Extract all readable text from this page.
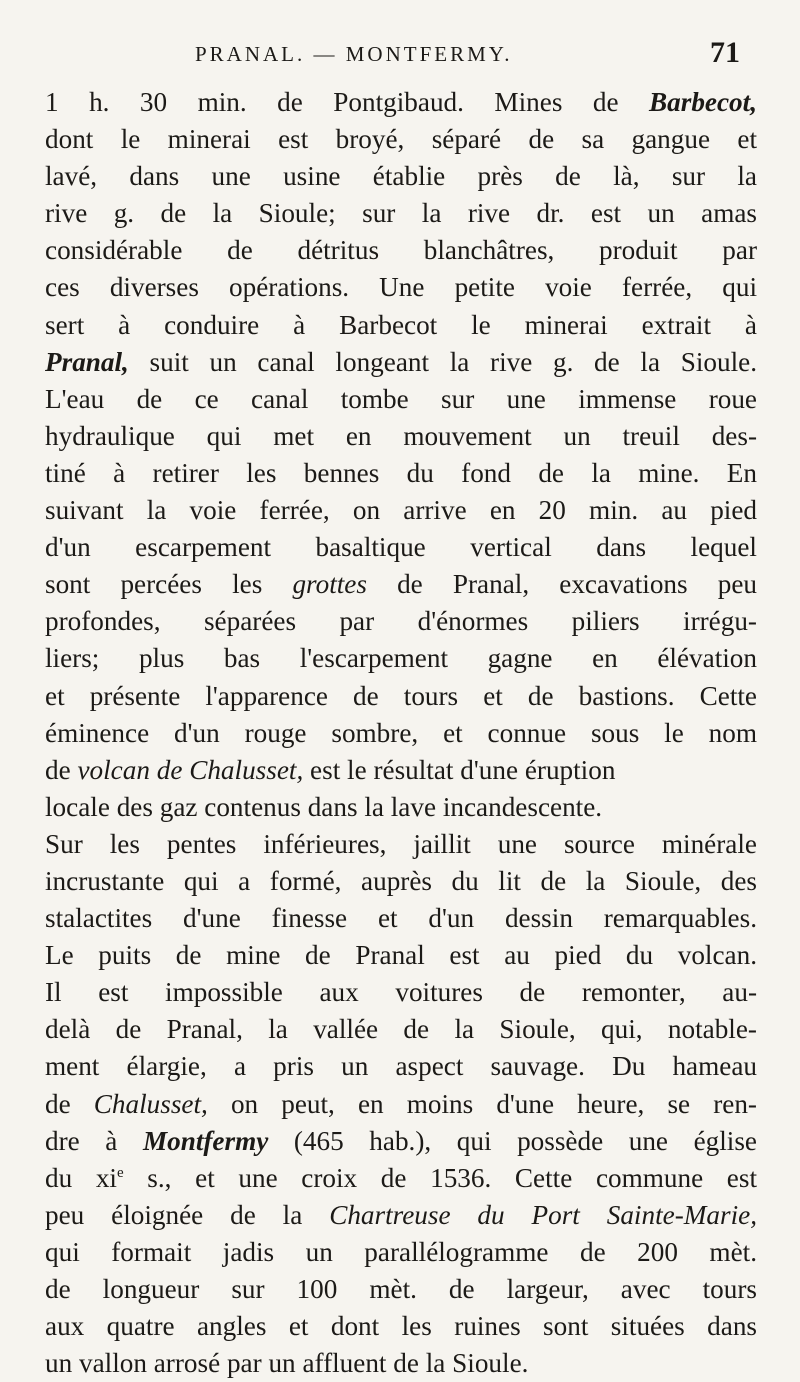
PRANAL. — MONTFERMY.	71
1 h. 30 min. de Pontgibaud. Mines de Barbecot,
dont le minerai est broyé, séparé de sa gangue et
lavé, dans une usine établie près de là, sur la
rive g. de la Sioule; sur la rive dr. est un amas
considérable de détritus blanchâtres, produit par
ces diverses opérations. Une petite voie ferrée, qui
sert à conduire à Barbecot le minerai extrait à
Pranal, suit un canal longeant la rive g. de la Sioule.
L'eau de ce canal tombe sur une immense roue
hydraulique qui met en mouvement un treuil des-
tiné à retirer les bennes du fond de la mine. En
suivant la voie ferrée, on arrive en 20 min. au pied
d'un escarpement basaltique vertical dans lequel
sont percées les grottes de Pranal, excavations peu
profondes, séparées par d'énormes piliers irrégu-
liers; plus bas l'escarpement gagne en élévation
et présente l'apparence de tours et de bastions. Cette
éminence d'un rouge sombre, et connue sous le nom
de volcan de Chalusset, est le résultat d'une éruption
locale des gaz contenus dans la lave incandescente.
Sur les pentes inférieures, jaillit une source minérale
incrustante qui a formé, auprès du lit de la Sioule, des
stalactites d'une finesse et d'un dessin remarquables.
Le puits de mine de Pranal est au pied du volcan.
Il est impossible aux voitures de remonter, au-
delà de Pranal, la vallée de la Sioule, qui, notable-
ment élargie, a pris un aspect sauvage. Du hameau
de Chalusset, on peut, en moins d'une heure, se ren-
dre à Montfermy (465 hab.), qui possède une église
du $xi^e$ s., et une croix de 1536. Cette commune est
peu éloignée de la Chartreuse du Port Sainte-Marie,
qui formait jadis un parallélogramme de 200 mèt.
de longueur sur 100 mèt. de largeur, avec tours
aux quatre angles et dont les ruines sont situées dans
un vallon arrosé par un affluent de la Sioule.
